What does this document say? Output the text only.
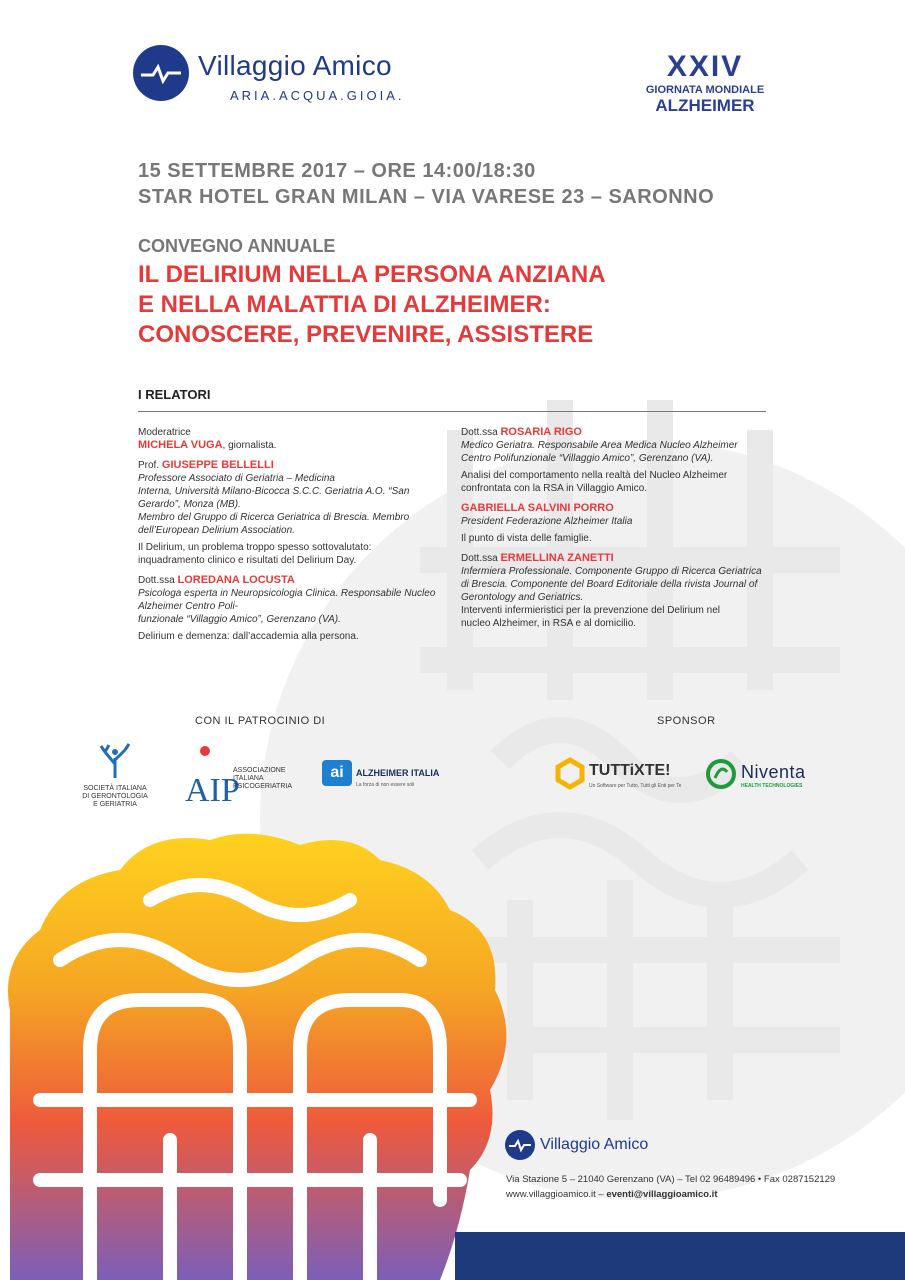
Villaggio Amico
ARIA.ACQUA.GIOIA.
XXIV
GIORNATA MONDIALE
ALZHEIMER
15 SETTEMBRE 2017 – ORE 14:00/18:30
STAR HOTEL GRAN MILAN – VIA VARESE 23 – SARONNO
CONVEGNO ANNUALE
IL DELIRIUM NELLA PERSONA ANZIANA
E NELLA MALATTIA DI ALZHEIMER:
CONOSCERE, PREVENIRE, ASSISTERE
I RELATORI

Moderatrice

MICHELA VUGA, giornalista.

Prof. GIUSEPPE BELLELLI

Professore Associato di Geriatria – Medicina

Interna, Università Milano-Bicocca S.C.C. Geriatria A.O. “San

Gerardo”, Monza (MB).

Membro del Gruppo di Ricerca Geriatrica di Brescia. Membro

dell’European Delirium Association.

Il Delirium, un problema troppo spesso sottovalutato:

inquadramento clinico e risultati del Delirium Day.

Dott.ssa LOREDANA LOCUSTA

Psicologa esperta in Neuropsicologia Clinica. Responsabile Nucleo

Alzheimer Centro Poli-

funzionale “Villaggio Amico”, Gerenzano (VA).

Delirium e demenza: dall’accademia alla persona.

Dott.ssa ROSARIA RIGO

Medico Geriatra. Responsabile Area Medica Nucleo Alzheimer

Centro Polifunzionale “Villaggio Amico”, Gerenzano (VA).

Analisi del comportamento nella realtà del Nucleo Alzheimer

confrontata con la RSA in Villaggio Amico.

GABRIELLA SALVINI PORRO

President Federazione Alzheimer Italia

Il punto di vista delle famiglie.

Dott.ssa ERMELLINA ZANETTI

Infermiera Professionale. Componente Gruppo di Ricerca Geriatrica

di Brescia. Componente del Board Editoriale della rivista Journal of

Gerontology and Geriatrics.

Interventi infermieristici per la prevenzione del Delirium nel

nucleo Alzheimer, in RSA e al domicilio.

CON IL PATROCINIO DI	SPONSOR
SOCIETÀ ITALIANA
DI GERONTOLOGIA
E GERIATRIA	AIP
ASSOCIAZIONE
ITALIANA
PSICOGERIATRIA
ai	ALZHEIMER ITALIA
La forza di non essere soli
TUTTiXTE!
Un Software per Tutto, Tutti gli Enti per Te
Niventa
HEALTH TECHNOLOGIES
Villaggio Amico
Via Stazione 5 – 21040 Gerenzano (VA) – Tel 02 96489496 • Fax 0287152129
www.villaggioamico.it – eventi@villaggioamico.it
